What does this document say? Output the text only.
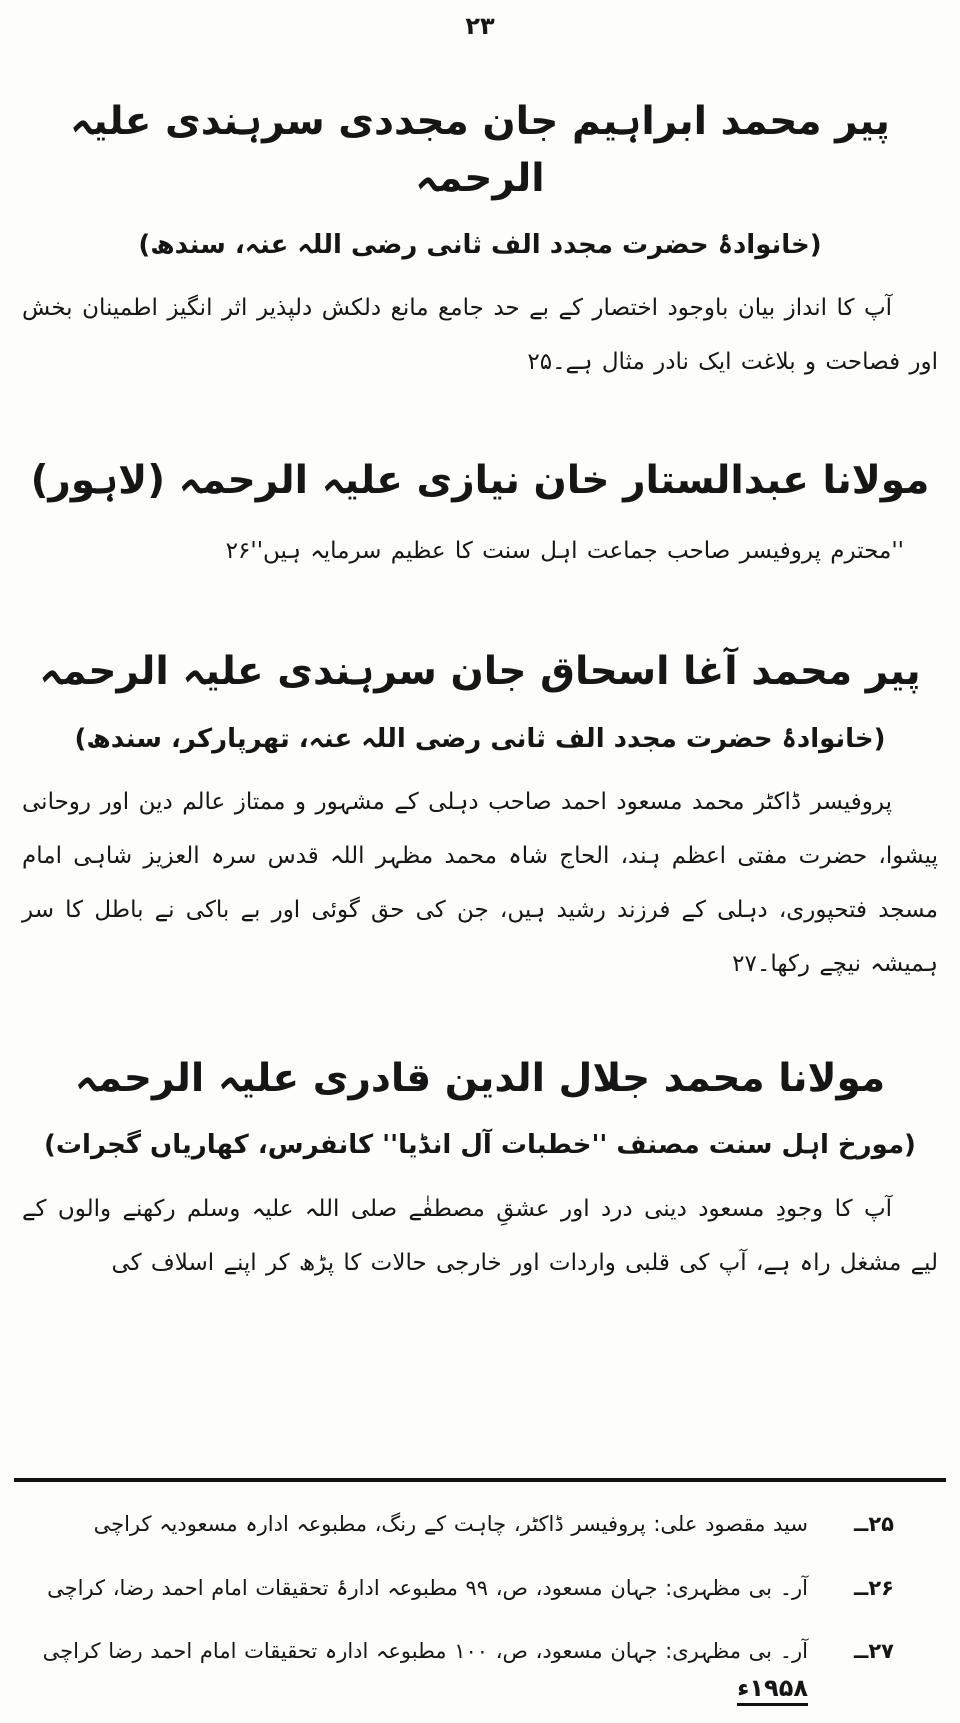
۲۳
پیر محمد ابراہیم جان مجددی سرہندی علیہ الرحمہ
(خانوادۂ حضرت مجدد الف ثانی رضی اللہ عنہ، سندھ)

آپ کا انداز بیان باوجود اختصار کے بے حد جامع مانع دلکش دلپذیر اثر انگیز اطمینان بخش اور فصاحت و بلاغت ایک نادر مثال ہے۔۲۵

مولانا عبدالستار خان نیازی علیہ الرحمہ (لاہور)

''محترم پروفیسر صاحب جماعت اہل سنت کا عظیم سرمایہ ہیں''۲۶

پیر محمد آغا اسحاق جان سرہندی علیہ الرحمہ
(خانوادۂ حضرت مجدد الف ثانی رضی اللہ عنہ، تھرپارکر، سندھ)

پروفیسر ڈاکٹر محمد مسعود احمد صاحب دہلی کے مشہور و ممتاز عالم دین اور روحانی پیشوا، حضرت مفتی اعظم ہند، الحاج شاہ محمد مظہر اللہ قدس سرہ العزیز شاہی امام مسجد فتحپوری، دہلی کے فرزند رشید ہیں، جن کی حق گوئی اور بے باکی نے باطل کا سر ہمیشہ نیچے رکھا۔۲۷

مولانا محمد جلال الدین قادری علیہ الرحمہ
(مورخ اہل سنت مصنف ''خطبات آل انڈیا'' کانفرس، کھاریاں گجرات)

آپ کا وجودِ مسعود دینی درد اور عشقِ مصطفٰے صلی اللہ علیہ وسلم رکھنے والوں کے لیے مشغل راہ ہے، آپ کی قلبی واردات اور خارجی حالات کا پڑھ کر اپنے اسلاف کی

۲۵ــ
سید مقصود علی: پروفیسر ڈاکٹر، چاہت کے رنگ، مطبوعہ ادارہ مسعودیہ کراچی
۲۶ــ
آر۔ بی مظہری: جہان مسعود، ص، ۹۹ مطبوعہ ادارۂ تحقیقات امام احمد رضا، کراچی
۲۷ــ
آر۔ بی مظہری: جہان مسعود، ص، ۱۰۰ مطبوعہ ادارہ تحقیقات امام احمد رضا کراچی ۱۹۵۸ء
